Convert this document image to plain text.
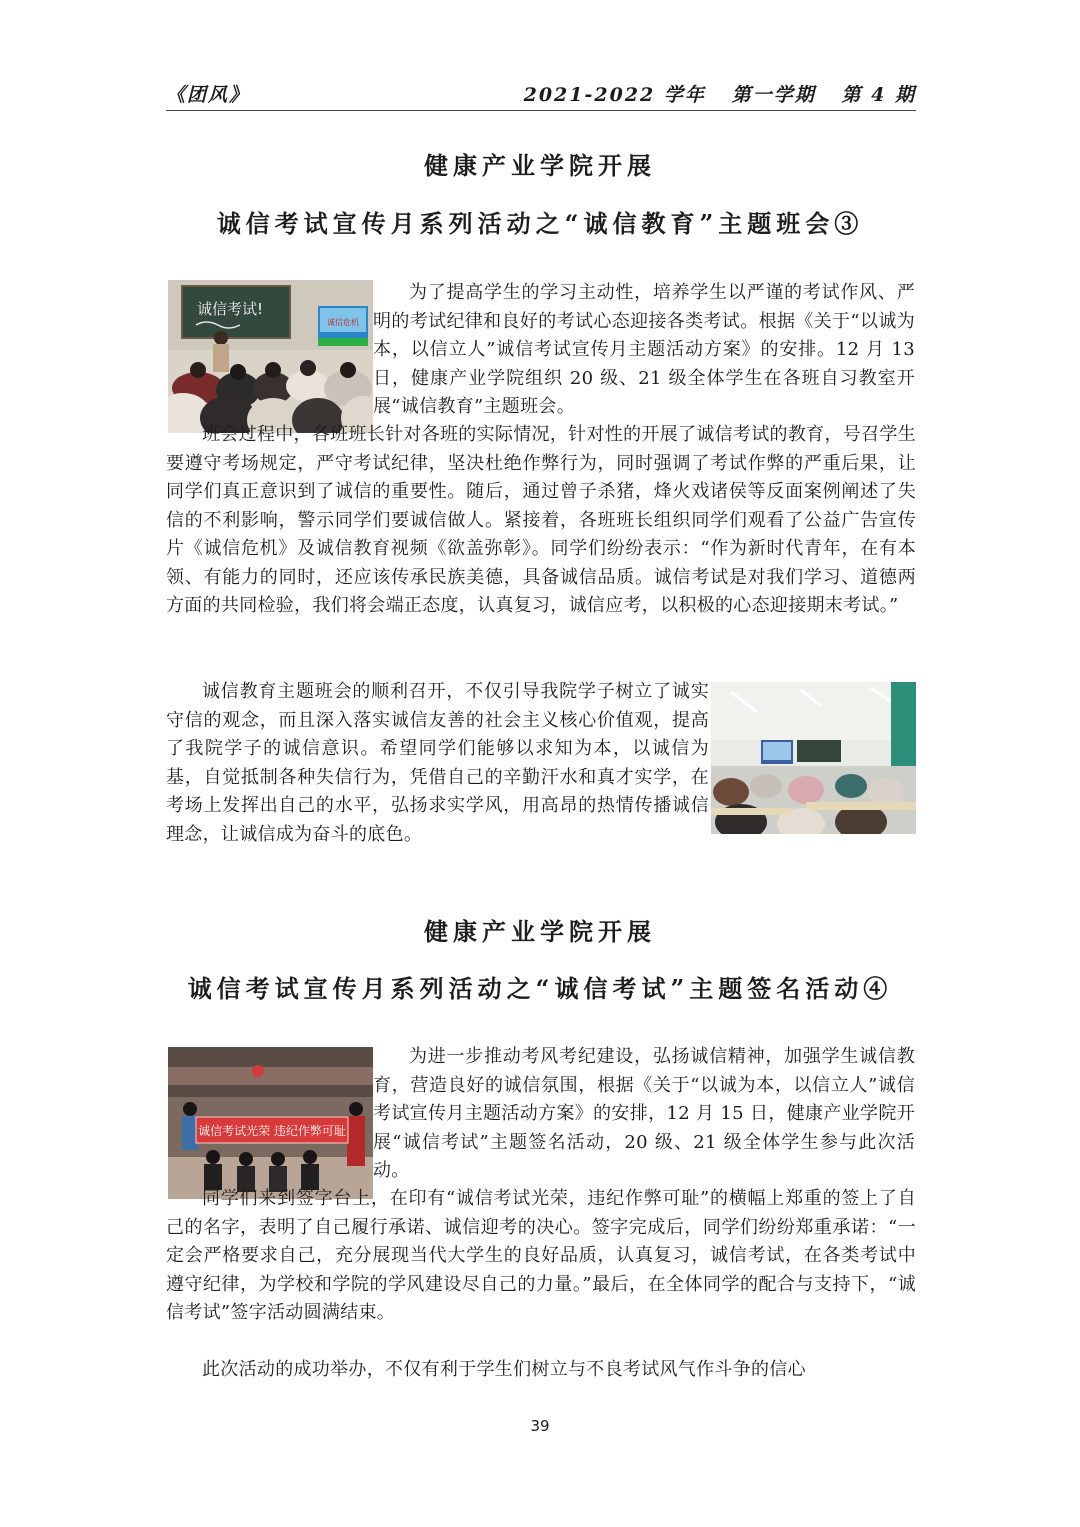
《团风》	2021-2022 学年   第一学期   第 4 期
健康产业学院开展
诚信考试宣传月系列活动之“诚信教育”主题班会③
诚信考试!
诚信危机
为了提高学生的学习主动性，培养学生以严谨的考试作风、严明的考试纪律和良好的考试心态迎接各类考试。根据《关于“以诚为本，以信立人”诚信考试宣传月主题活动方案》的安排。12 月 13 日，健康产业学院组织 20 级、21 级全体学生在各班自习教室开展“诚信教育”主题班会。
班会过程中，各班班长针对各班的实际情况，针对性的开展了诚信考试的教育，号召学生要遵守考场规定，严守考试纪律，坚决杜绝作弊行为，同时强调了考试作弊的严重后果，让同学们真正意识到了诚信的重要性。随后，通过曾子杀猪，烽火戏诸侯等反面案例阐述了失信的不利影响，警示同学们要诚信做人。紧接着，各班班长组织同学们观看了公益广告宣传片《诚信危机》及诚信教育视频《欲盖弥彰》。同学们纷纷表示：“作为新时代青年，在有本领、有能力的同时，还应该传承民族美德，具备诚信品质。诚信考试是对我们学习、道德两方面的共同检验，我们将会端正态度，认真复习，诚信应考，以积极的心态迎接期末考试。”
诚信教育主题班会的顺利召开，不仅引导我院学子树立了诚实守信的观念，而且深入落实诚信友善的社会主义核心价值观，提高了我院学子的诚信意识。希望同学们能够以求知为本，以诚信为基，自觉抵制各种失信行为，凭借自己的辛勤汗水和真才实学，在考场上发挥出自己的水平，弘扬求实学风，用高昂的热情传播诚信理念，让诚信成为奋斗的底色。
健康产业学院开展
诚信考试宣传月系列活动之“诚信考试”主题签名活动④
诚信考试光荣 违纪作弊可耻
为进一步推动考风考纪建设，弘扬诚信精神，加强学生诚信教育，营造良好的诚信氛围，根据《关于“以诚为本，以信立人”诚信考试宣传月主题活动方案》的安排，12 月 15 日，健康产业学院开展“诚信考试”主题签名活动，20 级、21 级全体学生参与此次活动。
同学们来到签字台上，在印有“诚信考试光荣，违纪作弊可耻”的横幅上郑重的签上了自己的名字，表明了自己履行承诺、诚信迎考的决心。签字完成后，同学们纷纷郑重承诺：“一定会严格要求自己，充分展现当代大学生的良好品质，认真复习，诚信考试，在各类考试中遵守纪律，为学校和学院的学风建设尽自己的力量。”最后，在全体同学的配合与支持下，“诚信考试”签字活动圆满结束。
此次活动的成功举办，不仅有利于学生们树立与不良考试风气作斗争的信心
39
